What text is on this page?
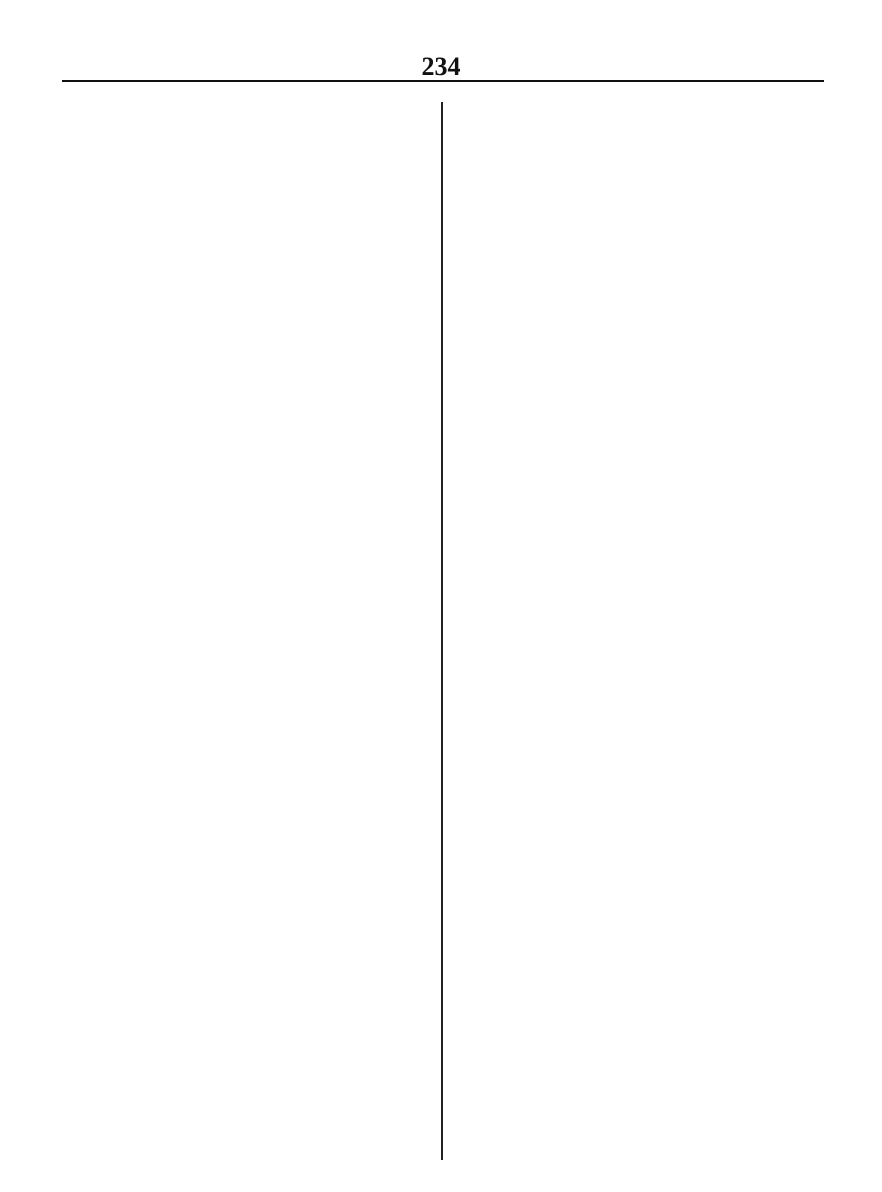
234
